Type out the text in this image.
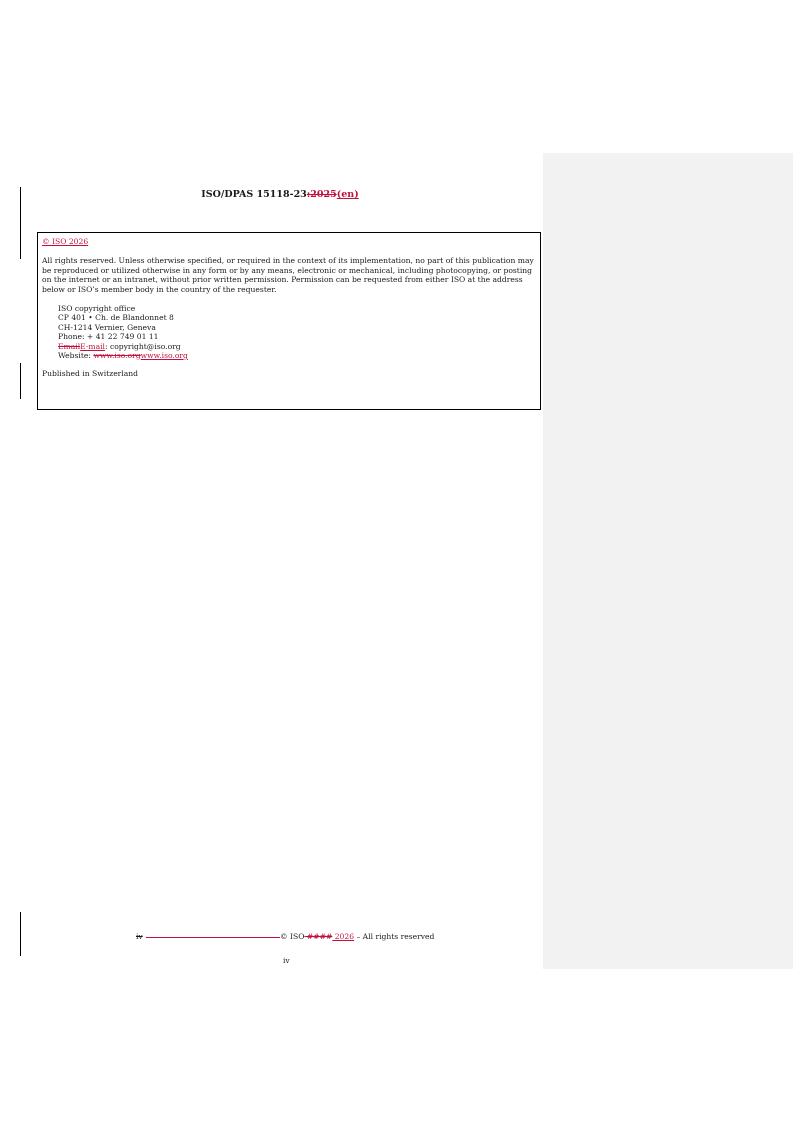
ISO/DPAS 15118-23:2025(en)

© ISO 2026

All rights reserved. Unless otherwise specified, or required in the context of its implementation, no part of this publication may be reproduced or utilized otherwise in any form or by any means, electronic or mechanical, including photocopying, or posting on the internet or an intranet, without prior written permission. Permission can be requested from either ISO at the address below or ISO’s member body in the country of the requester.

ISO copyright office
CP 401 • Ch. de Blandonnet 8
CH-1214 Vernier, Geneva
Phone: + 41 22 749 01 11
EmailE-mail: copyright@iso.org
Website: www.iso.orgwww.iso.org

Published in Switzerland

iv	© ISO #### 2026 – All rights reserved
iv
